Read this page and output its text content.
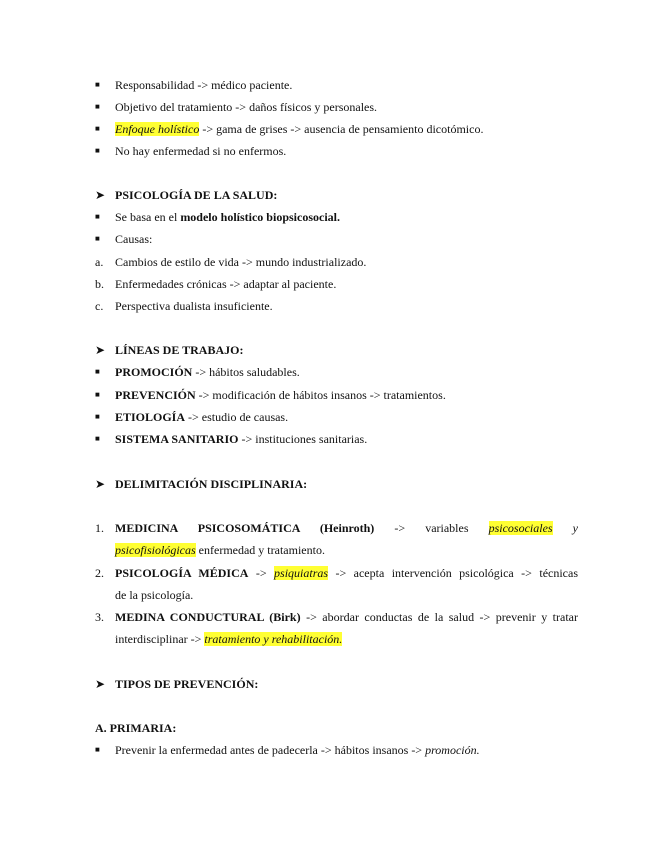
■	Responsabilidad -> médico paciente.
■	Objetivo del tratamiento -> daños físicos y personales.
■	Enfoque holístico -> gama de grises -> ausencia de pensamiento dicotómico.
■	No hay enfermedad si no enfermos.
➤ PSICOLOGÍA DE LA SALUD:
■	Se basa en el modelo holístico biopsicosocial.
■	Causas:
a. Cambios de estilo de vida -> mundo industrializado.
b. Enfermedades crónicas -> adaptar al paciente.
c. Perspectiva dualista insuficiente.
➤ LÍNEAS DE TRABAJO:
■	PROMOCIÓN -> hábitos saludables.
■	PREVENCIÓN -> modificación de hábitos insanos -> tratamientos.
■	ETIOLOGÍA -> estudio de causas.
■	SISTEMA SANITARIO -> instituciones sanitarias.
➤ DELIMITACIÓN DISCIPLINARIA:
1. MEDICINA PSICOSOMÁTICA (Heinroth) -> variables psicosociales y
psicofisiológicas enfermedad y tratamiento.
2. PSICOLOGÍA MÉDICA -> psiquiatras -> acepta intervención psicológica -> técnicas
de la psicología.
3. MEDINA CONDUCTURAL (Birk) -> abordar conductas de la salud -> prevenir y tratar
interdisciplinar -> tratamiento y rehabilitación.
➤ TIPOS DE PREVENCIÓN:
A. PRIMARIA:
■	Prevenir la enfermedad antes de padecerla -> hábitos insanos -> promoción.
